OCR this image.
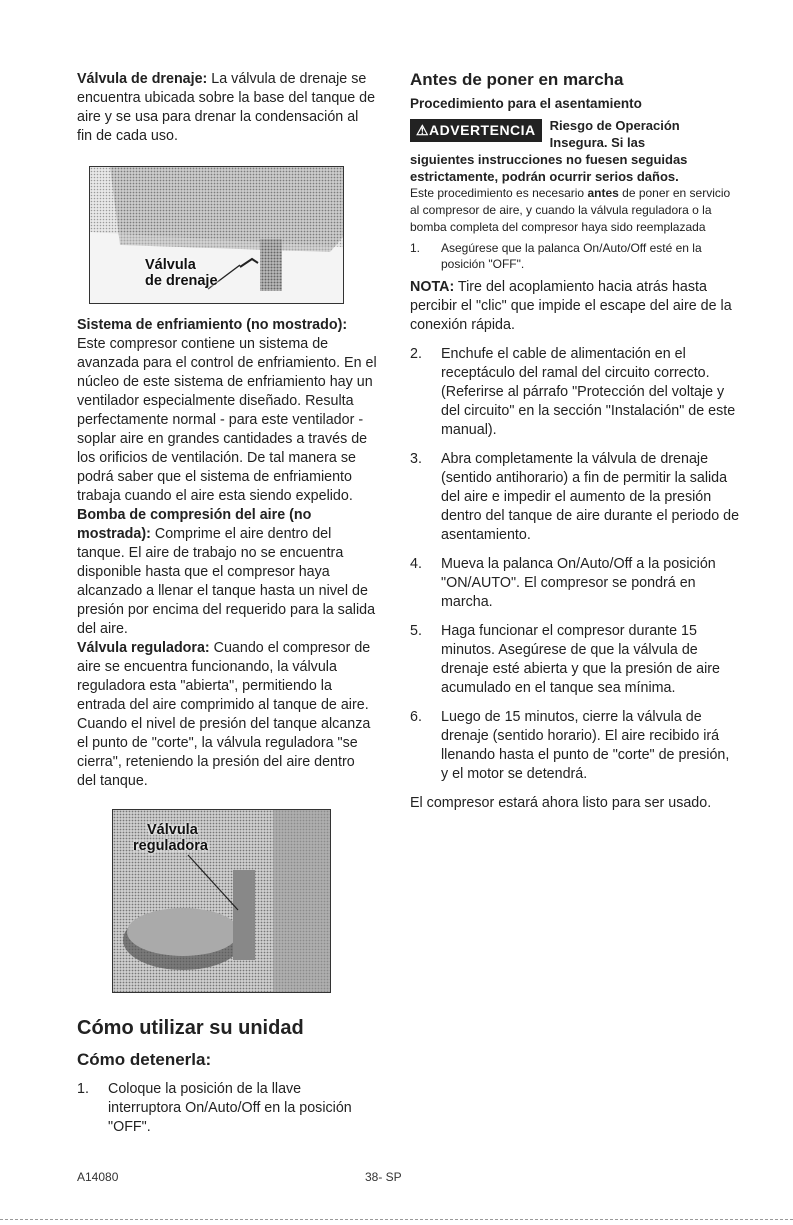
Válvula de drenaje: La válvula de drenaje se encuentra ubicada sobre la base del tanque de aire y se usa para drenar la condensación al fin de cada uso.

Válvula
de drenaje

Sistema de enfriamiento (no mostrado): Este compresor contiene un sistema de avanzada para el control de enfriamiento. En el núcleo de este sistema de enfriamiento hay un ventilador especialmente diseñado. Resulta perfectamente normal - para este ventilador - soplar aire en grandes cantidades a través de los orificios de ventilación. De tal manera se podrá saber que el sistema de enfriamiento trabaja cuando el aire esta siendo expelido.

Bomba de compresión del aire (no mostrada): Comprime el aire dentro del tanque. El aire de trabajo no se encuentra disponible hasta que el compresor haya alcanzado a llenar el tanque hasta un nivel de presión por encima del requerido para la salida del aire.

Válvula reguladora: Cuando el compresor de aire se encuentra funcionando, la válvula reguladora esta "abierta", permitiendo la entrada del aire comprimido al tanque de aire. Cuando el nivel de presión del tanque alcanza el punto de "corte", la válvula reguladora "se cierra", reteniendo la presión del aire dentro del tanque.

Válvula
reguladora
Cómo utilizar su unidad
Cómo detenerla:
1.	Coloque la posición de la llave interruptora On/Auto/Off en la posición "OFF".
Antes de poner en marcha
Procedimiento para el asentamiento
⚠ADVERTENCIA	Riesgo de Operación Insegura. Si las

siguientes instrucciones no fuesen seguidas estrictamente, podrán ocurrir serios daños.

Este procedimiento es necesario antes de poner en servicio al compresor de aire, y cuando la válvula reguladora o la bomba completa del compresor haya sido reemplazada

1.	Asegúrese que la palanca On/Auto/Off esté en la posición "OFF".

NOTA: Tire del acoplamiento hacia atrás hasta percibir el "clic" que impide el escape del aire de la conexión rápida.

2.	Enchufe el cable de alimentación en el receptáculo del ramal del circuito correcto. (Referirse al párrafo "Protección del voltaje y del circuito" en la sección "Instalación" de este manual).
3.	Abra completamente la válvula de drenaje (sentido antihorario) a fin de permitir la salida del aire e impedir el aumento de la presión dentro del tanque de aire durante el periodo de asentamiento.
4.	Mueva la palanca On/Auto/Off a la posición "ON/AUTO". El compresor se pondrá en marcha.
5.	Haga funcionar el compresor durante 15 minutos. Asegúrese de que la válvula de drenaje esté abierta y que la presión de aire acumulado en el tanque sea mínima.
6.	Luego de 15 minutos, cierre la válvula de drenaje (sentido horario). El aire recibido irá llenando hasta el punto de "corte" de presión, y el motor se detendrá.

El compresor estará ahora listo para ser usado.

A14080	38- SP
